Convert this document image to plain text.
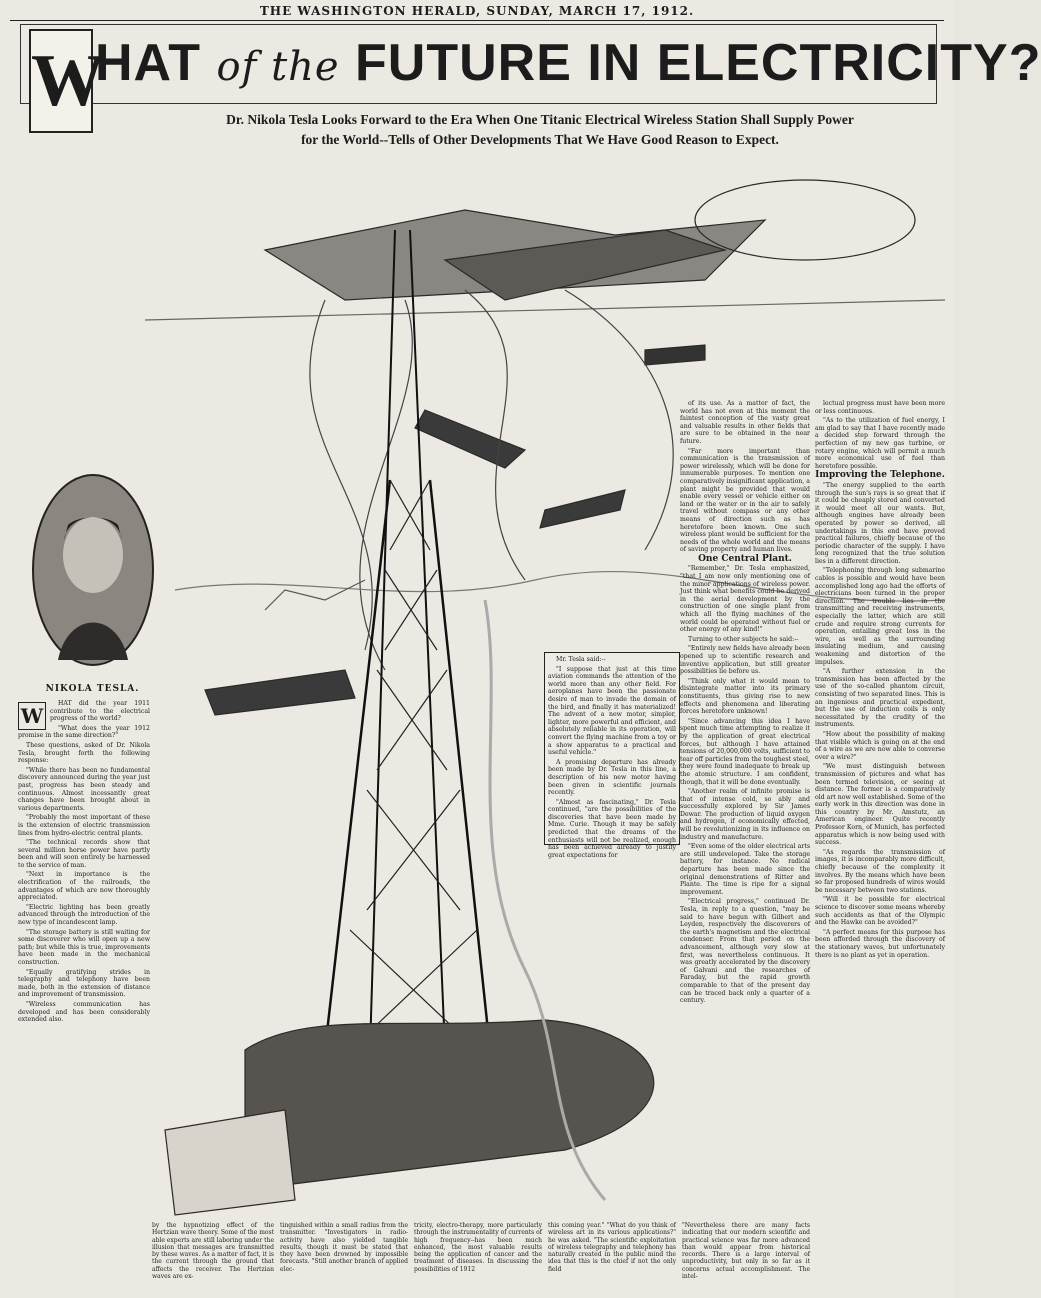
THE WASHINGTON HERALD, SUNDAY, MARCH 17, 1912.
W
HAT of the FUTURE IN ELECTRICITY?
Dr. Nikola Tesla Looks Forward to the Era When One Titanic Electrical Wireless Station Shall Supply Power
for the World--Tells of Other Developments That We Have Good Reason to Expect.
NIKOLA TESLA.
W

HAT did the year 1911 contribute to the electrical progress of the world?

"What does the year 1912 promise in the same direction?"

These questions, asked of Dr. Nikola Tesla, brought forth the following response:

"While there has been no fundamental discovery announced during the year just past, progress has been steady and continuous. Almost incessantly great changes have been brought about in various departments.

"Probably the most important of these is the extension of electric transmission lines from hydro-electric central plants.

"The technical records show that several million horse power have partly been and will soon entirely be harnessed to the service of man.

"Next in importance is the electrification of the railroads, the advantages of which are now thoroughly appreciated.

"Electric lighting has been greatly advanced through the introduction of the new type of incandescent lamp.

"The storage battery is still waiting for some discoverer who will open up a new path; but while this is true, improvements have been made in the mechanical construction.

"Equally gratifying strides in telegraphy and telephony have been made, both in the extension of distance and improvement of transmission.

"Wireless communication has developed and has been considerably extended also.

Mr. Tesla said:--

"I suppose that just at this time aviation commands the attention of the world more than any other field. For aeroplanes have been the passionate desire of man to invade the domain of the bird, and finally it has materialized! The advent of a new motor, simpler, lighter, more powerful and efficient, and absolutely reliable in its operation, will convert the flying machine from a toy or a show apparatus to a practical and useful vehicle."

A promising departure has already been made by Dr. Tesla in this line, a description of his new motor having been given in scientific journals recently.

"Almost as fascinating," Dr. Tesla continued, "are the possibilities of the discoveries that have been made by Mme. Curie. Though it may be safely predicted that the dreams of the enthusiasts will not be realized, enough has been achieved already to justify great expectations for

of its use. As a matter of fact, the world has not even at this moment the faintest conception of the vasty great and valuable results in other fields that are sure to be obtained in the near future.

"Far more important than communication is the transmission of power wirelessly, which will be done for innumerable purposes. To mention one comparatively insignificant application, a plant might be provided that would enable every vessel or vehicle either on land or the water or in the air to safely travel without compass or any other means of direction such as has heretofore been known. One such wireless plant would be sufficient for the needs of the whole world and the means of saving property and human lives.

One Central Plant.

"Remember," Dr. Tesla emphasized, "that I am now only mentioning one of the minor applications of wireless power. Just think what benefits could be derived in the aerial development by the construction of one single plant from which all the flying machines of the world could be operated without fuel or other energy of any kind!"

Turning to other subjects he said:--

"Entirely new fields have already been opened up to scientific research and inventive application, but still greater possibilities lie before us.

"Think only what it would mean to disintegrate matter into its primary constituents, thus giving rise to new effects and phenomena and liberating forces heretofore unknown!

"Since advancing this idea I have spent much time attempting to realize it by the application of great electrical forces, but although I have attained tensions of 20,000,000 volts, sufficient to tear off particles from the toughest steel, they were found inadequate to break up the atomic structure. I am confident, though, that it will be done eventually.

"Another realm of infinite promise is that of intense cold, so ably and successfully explored by Sir James Dewar. The production of liquid oxygen and hydrogen, if economically effected, will be revolutionizing in its influence on industry and manufacture.

"Even some of the older electrical arts are still undeveloped. Take the storage battery, for instance. No radical departure has been made since the original demonstrations of Ritter and Plante. The time is ripe for a signal improvement.

"Electrical progress," continued Dr. Tesla, in reply to a question, "may be said to have begun with Gilbert and Leyden, respectively the discoverers of the earth's magnetism and the electrical condenser. From that period on the advancement, although very slow at first, was nevertheless continuous. It was greatly accelerated by the discovery of Galvani and the researches of Faraday, but the rapid growth comparable to that of the present day can be traced back only a quarter of a century.

lectual progress must have been more or less continuous.

"As to the utilization of fuel energy, I am glad to say that I have recently made a decided step forward through the perfection of my new gas turbine, or rotary engine, which will permit a much more economical use of fuel than heretofore possible.

Improving the Telephone.

"The energy supplied to the earth through the sun's rays is so great that if it could be cheaply stored and converted it would meet all our wants. But, although engines have already been operated by power so derived, all undertakings in this end have proved practical failures, chiefly because of the periodic character of the supply. I have long recognized that the true solution lies in a different direction.

"Telephoning through long submarine cables is possible and would have been accomplished long ago had the efforts of electricians been turned in the proper direction. The trouble lies in the transmitting and receiving instruments, especially the latter, which are still crude and require strong currents for operation, entailing great loss in the wire, as well as the surrounding insulating medium, and causing weakening and distortion of the impulses.

"A further extension in the transmission has been affected by the use of the so-called phantom circuit, consisting of two separated lines. This is an ingenious and practical expedient, but the use of induction coils is only necessitated by the crudity of the instruments.

"How about the possibility of making that visible which is going on at the end of a wire as we are now able to converse over a wire?"

"We must distinguish between transmission of pictures and what has been termed television, or seeing at distance. The former is a comparatively old art now well established. Some of the early work in this direction was done in this country by Mr. Amstutz, an American engineer. Quite recently Professor Korn, of Munich, has perfected apparatus which is now being used with success.

"As regards the transmission of images, it is incomparably more difficult, chiefly because of the complexity it involves. By the means which have been so far proposed hundreds of wires would be necessary between two stations.

"Will it be possible for electrical science to discover some means whereby such accidents as that of the Olympic and the Hawke can be avoided?"

"A perfect means for this purpose has been afforded through the discovery of the stationary waves, but unfortunately there is no plant as yet in operation.

by the hypnotizing effect of the Hertzian wave theory. Some of the most able experts are still laboring under the illusion that messages are transmitted by these waves. As a matter of fact, it is the current through the ground that affects the receiver. The Hertzian waves are ex-
tinguished within a small radius from the transmitter. "Investigators in radio-activity have also yielded tangible results, though it must be stated that they have been drowned by impossible forecasts. "Still another branch of applied elec-
tricity, electro-therapy, more particularly through the instrumentality of currents of high frequency--has been much enhanced, the most valuable results being the application of cancer and the treatment of diseases. In discussing the possibilities of 1912
this coming year." "What do you think of wireless art in its various applications?" he was asked. "The scientific exploitation of wireless telegraphy and telephony has naturally created in the public mind the idea that this is the chief if not the only field
"Nevertheless there are many facts indicating that our modern scientific and practical science was far more advanced than would appear from historical records. There is a large interval of unproductivity, but only in so far as it concerns actual accomplishment. The intel-
